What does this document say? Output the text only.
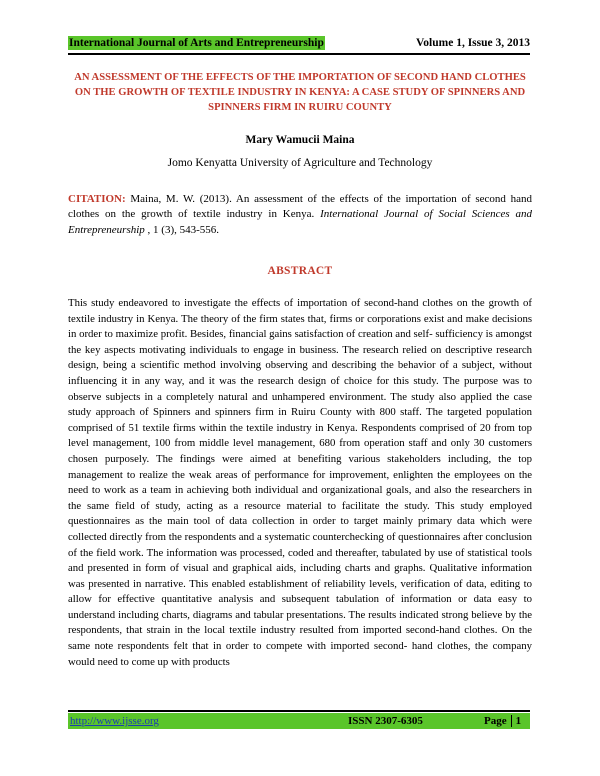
International Journal of Arts and Entrepreneurship	Volume 1, Issue 3, 2013
AN ASSESSMENT OF THE EFFECTS OF THE IMPORTATION OF SECOND HAND CLOTHES ON THE GROWTH OF TEXTILE INDUSTRY IN KENYA: A CASE STUDY OF SPINNERS AND SPINNERS FIRM IN RUIRU COUNTY
Mary Wamucii Maina
Jomo Kenyatta University of Agriculture and Technology

CITATION: Maina, M. W. (2013). An assessment of the effects of the importation of second hand clothes on the growth of textile industry in Kenya. International Journal of Social Sciences and Entrepreneurship , 1 (3), 543-556.

ABSTRACT

This study endeavored to investigate the effects of importation of second-hand clothes on the growth of textile industry in Kenya. The theory of the firm states that, firms or corporations exist and make decisions in order to maximize profit. Besides, financial gains satisfaction of creation and self- sufficiency is amongst the key aspects motivating individuals to engage in business. The research relied on descriptive research design, being a scientific method involving observing and describing the behavior of a subject, without influencing it in any way, and it was the research design of choice for this study. The purpose was to observe subjects in a completely natural and unhampered environment. The study also applied the case study approach of Spinners and spinners firm in Ruiru County with 800 staff. The targeted population comprised of 51 textile firms within the textile industry in Kenya. Respondents comprised of 20 from top level management, 100 from middle level management, 680 from operation staff and only 30 customers chosen purposely. The findings were aimed at benefiting various stakeholders including, the top management to realize the weak areas of performance for improvement, enlighten the employees on the need to work as a team in achieving both individual and organizational goals, and also the researchers in the same field of study, acting as a resource material to facilitate the study. This study employed questionnaires as the main tool of data collection in order to target mainly primary data which were collected directly from the respondents and a systematic counterchecking of questionnaires after conclusion of the field work. The information was processed, coded and thereafter, tabulated by use of statistical tools and presented in form of visual and graphical aids, including charts and graphs. Qualitative information was presented in narrative. This enabled establishment of reliability levels, verification of data, editing to allow for effective quantitative analysis and subsequent tabulation of information or data easy to understand including charts, diagrams and tabular presentations. The results indicated strong believe by the respondents, that strain in the local textile industry resulted from imported second-hand clothes. On the same note respondents felt that in order to compete with imported second- hand clothes, the company would need to come up with products

http://www.ijsse.org	ISSN 2307-6305	Page 1
